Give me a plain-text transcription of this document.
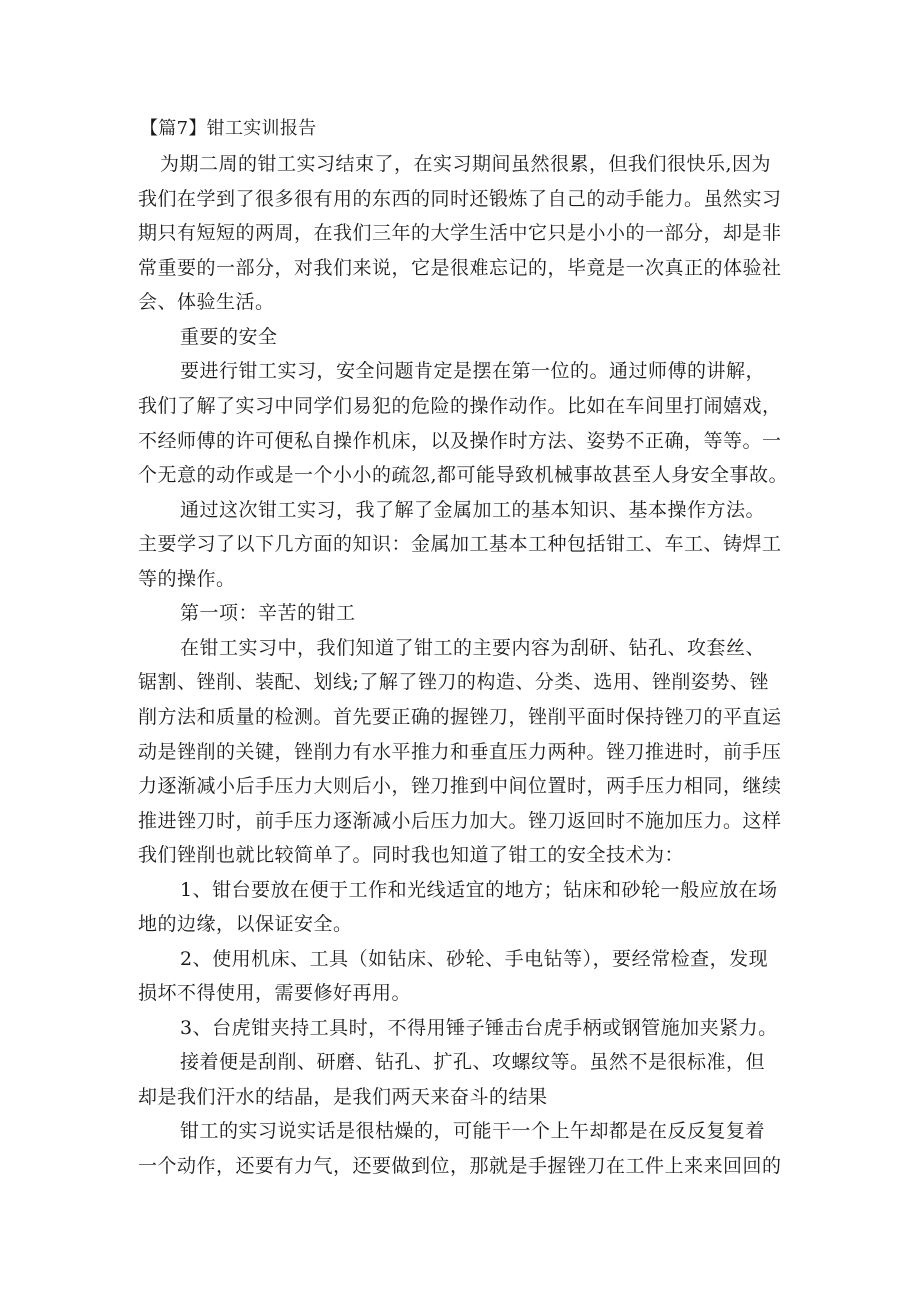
【篇7】钳工实训报告
为期二周的钳工实习结束了，在实习期间虽然很累，但我们很快乐,因为
我们在学到了很多很有用的东西的同时还锻炼了自己的动手能力。虽然实习
期只有短短的两周，在我们三年的大学生活中它只是小小的一部分，却是非
常重要的一部分，对我们来说，它是很难忘记的，毕竟是一次真正的体验社
会、体验生活。
重要的安全
要进行钳工实习，安全问题肯定是摆在第一位的。通过师傅的讲解，
我们了解了实习中同学们易犯的危险的操作动作。比如在车间里打闹嬉戏，
不经师傅的许可便私自操作机床，以及操作时方法、姿势不正确，等等。一
个无意的动作或是一个小小的疏忽,都可能导致机械事故甚至人身安全事故。
通过这次钳工实习，我了解了金属加工的基本知识、基本操作方法。
主要学习了以下几方面的知识：金属加工基本工种包括钳工、车工、铸焊工
等的操作。
第一项：辛苦的钳工
在钳工实习中，我们知道了钳工的主要内容为刮研、钻孔、攻套丝、
锯割、锉削、装配、划线;了解了锉刀的构造、分类、选用、锉削姿势、锉
削方法和质量的检测。首先要正确的握锉刀，锉削平面时保持锉刀的平直运
动是锉削的关键，锉削力有水平推力和垂直压力两种。锉刀推进时，前手压
力逐渐减小后手压力大则后小，锉刀推到中间位置时，两手压力相同，继续
推进锉刀时，前手压力逐渐减小后压力加大。锉刀返回时不施加压力。这样
我们锉削也就比较简单了。同时我也知道了钳工的安全技术为：
1、钳台要放在便于工作和光线适宜的地方；钻床和砂轮一般应放在场
地的边缘，以保证安全。
2、使用机床、工具（如钻床、砂轮、手电钻等），要经常检查，发现
损坏不得使用，需要修好再用。
3、台虎钳夹持工具时，不得用锤子锤击台虎手柄或钢管施加夹紧力。
接着便是刮削、研磨、钻孔、扩孔、攻螺纹等。虽然不是很标准，但
却是我们汗水的结晶，是我们两天来奋斗的结果
钳工的实习说实话是很枯燥的，可能干一个上午却都是在反反复复着
一个动作，还要有力气，还要做到位，那就是手握锉刀在工件上来来回回的
